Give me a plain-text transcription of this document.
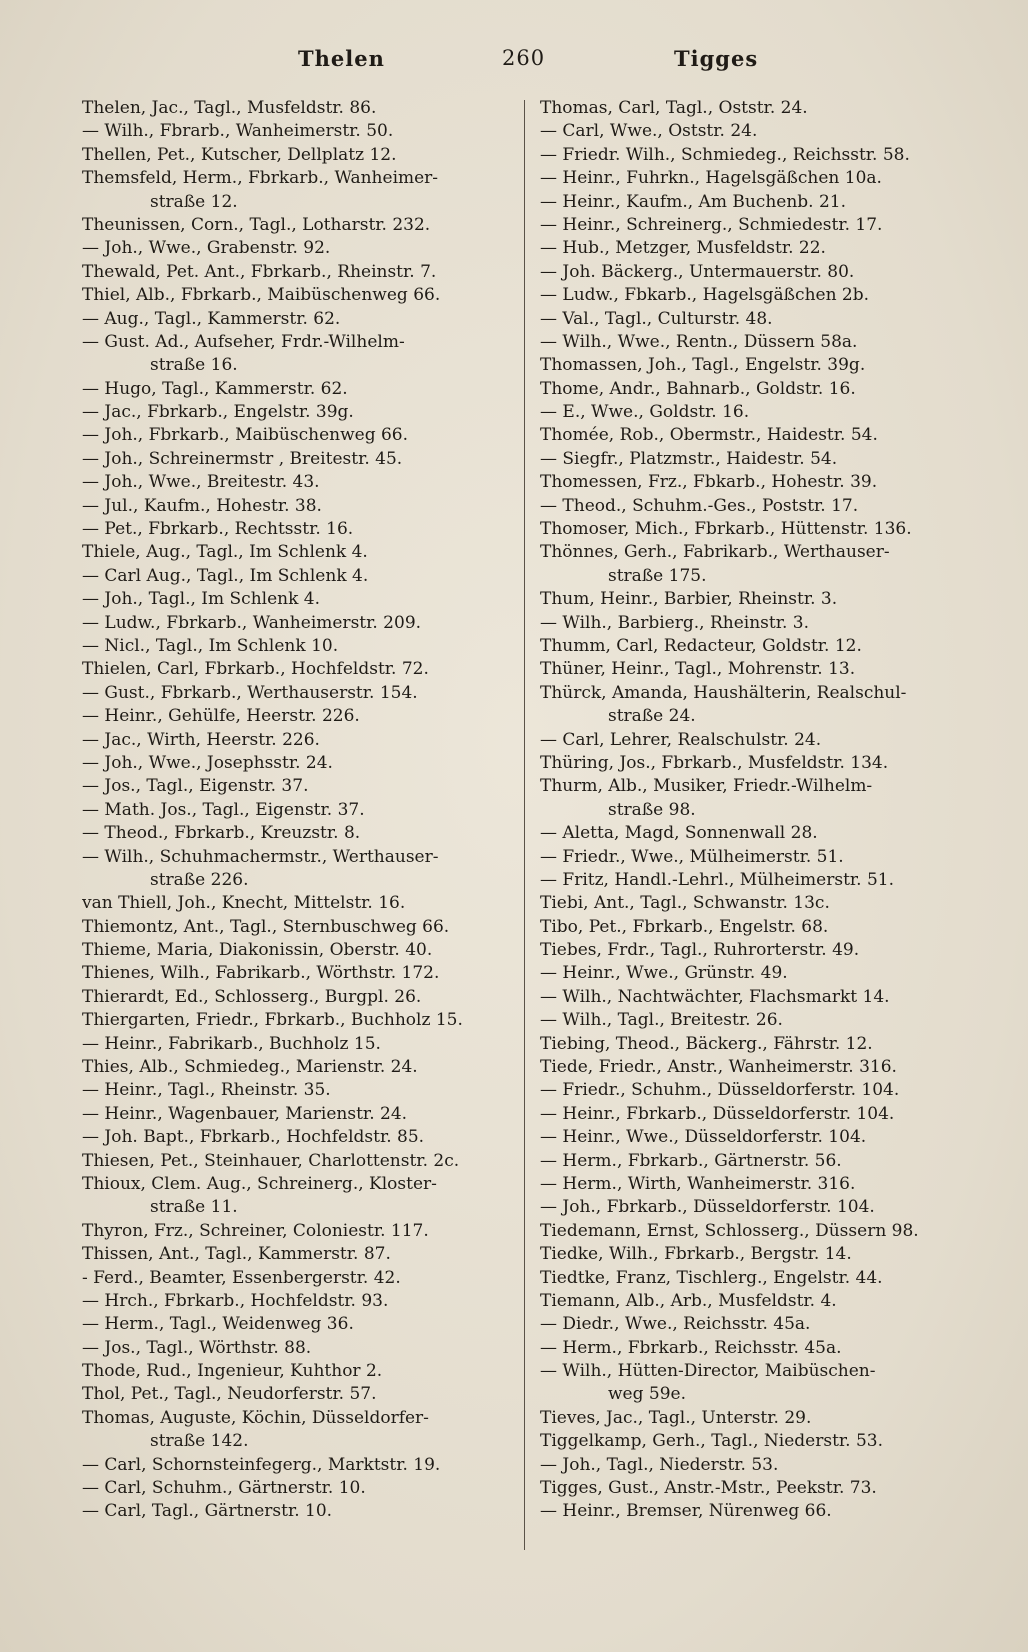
Thelen	260	Tigges
Thelen, Jac., Tagl., Musfeldstr. 86.
— Wilh., Fbrarb., Wanheimerstr. 50.
Thellen, Pet., Kutscher, Dellplatz 12.
Themsfeld, Herm., Fbrkarb., Wanheimer-
straße 12.
Theunissen, Corn., Tagl., Lotharstr. 232.
— Joh., Wwe., Grabenstr. 92.
Thewald, Pet. Ant., Fbrkarb., Rheinstr. 7.
Thiel, Alb., Fbrkarb., Maibüschenweg 66.
— Aug., Tagl., Kammerstr. 62.
— Gust. Ad., Aufseher, Frdr.-Wilhelm-
straße 16.
— Hugo, Tagl., Kammerstr. 62.
— Jac., Fbrkarb., Engelstr. 39g.
— Joh., Fbrkarb., Maibüschenweg 66.
— Joh., Schreinermstr , Breitestr. 45.
— Joh., Wwe., Breitestr. 43.
— Jul., Kaufm., Hohestr. 38.
— Pet., Fbrkarb., Rechtsstr. 16.
Thiele, Aug., Tagl., Im Schlenk 4.
— Carl Aug., Tagl., Im Schlenk 4.
— Joh., Tagl., Im Schlenk 4.
— Ludw., Fbrkarb., Wanheimerstr. 209.
— Nicl., Tagl., Im Schlenk 10.
Thielen, Carl, Fbrkarb., Hochfeldstr. 72.
— Gust., Fbrkarb., Werthauserstr. 154.
— Heinr., Gehülfe, Heerstr. 226.
— Jac., Wirth, Heerstr. 226.
— Joh., Wwe., Josephsstr. 24.
— Jos., Tagl., Eigenstr. 37.
— Math. Jos., Tagl., Eigenstr. 37.
— Theod., Fbrkarb., Kreuzstr. 8.
— Wilh., Schuhmachermstr., Werthauser-
straße 226.
van Thiell, Joh., Knecht, Mittelstr. 16.
Thiemontz, Ant., Tagl., Sternbuschweg 66.
Thieme, Maria, Diakonissin, Oberstr. 40.
Thienes, Wilh., Fabrikarb., Wörthstr. 172.
Thierardt, Ed., Schlosserg., Burgpl. 26.
Thiergarten, Friedr., Fbrkarb., Buchholz 15.
— Heinr., Fabrikarb., Buchholz 15.
Thies, Alb., Schmiedeg., Marienstr. 24.
— Heinr., Tagl., Rheinstr. 35.
— Heinr., Wagenbauer, Marienstr. 24.
— Joh. Bapt., Fbrkarb., Hochfeldstr. 85.
Thiesen, Pet., Steinhauer, Charlottenstr. 2c.
Thioux, Clem. Aug., Schreinerg., Kloster-
straße 11.
Thyron, Frz., Schreiner, Coloniestr. 117.
Thissen, Ant., Tagl., Kammerstr. 87.
- Ferd., Beamter, Essenbergerstr. 42.
— Hrch., Fbrkarb., Hochfeldstr. 93.
— Herm., Tagl., Weidenweg 36.
— Jos., Tagl., Wörthstr. 88.
Thode, Rud., Ingenieur, Kuhthor 2.
Thol, Pet., Tagl., Neudorferstr. 57.
Thomas, Auguste, Köchin, Düsseldorfer-
straße 142.
— Carl, Schornsteinfegerg., Marktstr. 19.
— Carl, Schuhm., Gärtnerstr. 10.
— Carl, Tagl., Gärtnerstr. 10.
Thomas, Carl, Tagl., Oststr. 24.
— Carl, Wwe., Oststr. 24.
— Friedr. Wilh., Schmiedeg., Reichsstr. 58.
— Heinr., Fuhrkn., Hagelsgäßchen 10a.
— Heinr., Kaufm., Am Buchenb. 21.
— Heinr., Schreinerg., Schmiedestr. 17.
— Hub., Metzger, Musfeldstr. 22.
— Joh. Bäckerg., Untermauerstr. 80.
— Ludw., Fbkarb., Hagelsgäßchen 2b.
— Val., Tagl., Culturstr. 48.
— Wilh., Wwe., Rentn., Düssern 58a.
Thomassen, Joh., Tagl., Engelstr. 39g.
Thome, Andr., Bahnarb., Goldstr. 16.
— E., Wwe., Goldstr. 16.
Thomée, Rob., Obermstr., Haidestr. 54.
— Siegfr., Platzmstr., Haidestr. 54.
Thomessen, Frz., Fbkarb., Hohestr. 39.
— Theod., Schuhm.-Ges., Poststr. 17.
Thomoser, Mich., Fbrkarb., Hüttenstr. 136.
Thönnes, Gerh., Fabrikarb., Werthauser-
straße 175.
Thum, Heinr., Barbier, Rheinstr. 3.
— Wilh., Barbierg., Rheinstr. 3.
Thumm, Carl, Redacteur, Goldstr. 12.
Thüner, Heinr., Tagl., Mohrenstr. 13.
Thürck, Amanda, Haushälterin, Realschul-
straße 24.
— Carl, Lehrer, Realschulstr. 24.
Thüring, Jos., Fbrkarb., Musfeldstr. 134.
Thurm, Alb., Musiker, Friedr.-Wilhelm-
straße 98.
— Aletta, Magd, Sonnenwall 28.
— Friedr., Wwe., Mülheimerstr. 51.
— Fritz, Handl.-Lehrl., Mülheimerstr. 51.
Tiebi, Ant., Tagl., Schwanstr. 13c.
Tibo, Pet., Fbrkarb., Engelstr. 68.
Tiebes, Frdr., Tagl., Ruhrorterstr. 49.
— Heinr., Wwe., Grünstr. 49.
— Wilh., Nachtwächter, Flachsmarkt 14.
— Wilh., Tagl., Breitestr. 26.
Tiebing, Theod., Bäckerg., Fährstr. 12.
Tiede, Friedr., Anstr., Wanheimerstr. 316.
— Friedr., Schuhm., Düsseldorferstr. 104.
— Heinr., Fbrkarb., Düsseldorferstr. 104.
— Heinr., Wwe., Düsseldorferstr. 104.
— Herm., Fbrkarb., Gärtnerstr. 56.
— Herm., Wirth, Wanheimerstr. 316.
— Joh., Fbrkarb., Düsseldorferstr. 104.
Tiedemann, Ernst, Schlosserg., Düssern 98.
Tiedke, Wilh., Fbrkarb., Bergstr. 14.
Tiedtke, Franz, Tischlerg., Engelstr. 44.
Tiemann, Alb., Arb., Musfeldstr. 4.
— Diedr., Wwe., Reichsstr. 45a.
— Herm., Fbrkarb., Reichsstr. 45a.
— Wilh., Hütten-Director, Maibüschen-
weg 59e.
Tieves, Jac., Tagl., Unterstr. 29.
Tiggelkamp, Gerh., Tagl., Niederstr. 53.
— Joh., Tagl., Niederstr. 53.
Tigges, Gust., Anstr.-Mstr., Peekstr. 73.
— Heinr., Bremser, Nürenweg 66.
